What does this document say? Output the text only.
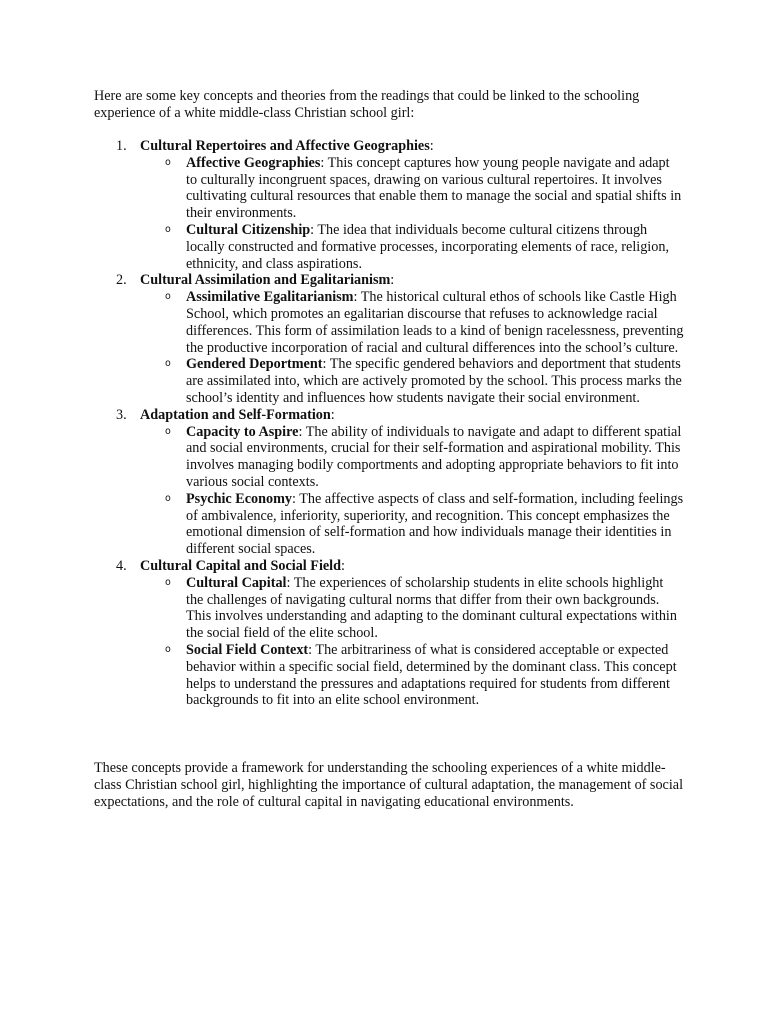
Here are some key concepts and theories from the readings that could be linked to the schooling experience of a white middle-class Christian school girl:

1. Cultural Repertoires and Affective Geographies:
o Affective Geographies: This concept captures how young people navigate and adapt to culturally incongruent spaces, drawing on various cultural repertoires. It involves cultivating cultural resources that enable them to manage the social and spatial shifts in their environments.
o Cultural Citizenship: The idea that individuals become cultural citizens through locally constructed and formative processes, incorporating elements of race, religion, ethnicity, and class aspirations.
2. Cultural Assimilation and Egalitarianism:
o Assimilative Egalitarianism: The historical cultural ethos of schools like Castle High School, which promotes an egalitarian discourse that refuses to acknowledge racial differences. This form of assimilation leads to a kind of benign racelessness, preventing the productive incorporation of racial and cultural differences into the school’s culture.
o Gendered Deportment: The specific gendered behaviors and deportment that students are assimilated into, which are actively promoted by the school. This process marks the school’s identity and influences how students navigate their social environment.
3. Adaptation and Self-Formation:
o Capacity to Aspire: The ability of individuals to navigate and adapt to different spatial and social environments, crucial for their self-formation and aspirational mobility. This involves managing bodily comportments and adopting appropriate behaviors to fit into various social contexts.
o Psychic Economy: The affective aspects of class and self-formation, including feelings of ambivalence, inferiority, superiority, and recognition. This concept emphasizes the emotional dimension of self-formation and how individuals manage their identities in different social spaces.
4. Cultural Capital and Social Field:
o Cultural Capital: The experiences of scholarship students in elite schools highlight the challenges of navigating cultural norms that differ from their own backgrounds. This involves understanding and adapting to the dominant cultural expectations within the social field of the elite school.
o Social Field Context: The arbitrariness of what is considered acceptable or expected behavior within a specific social field, determined by the dominant class. This concept helps to understand the pressures and adaptations required for students from different backgrounds to fit into an elite school environment.

These concepts provide a framework for understanding the schooling experiences of a white middle-class Christian school girl, highlighting the importance of cultural adaptation, the management of social expectations, and the role of cultural capital in navigating educational environments.
